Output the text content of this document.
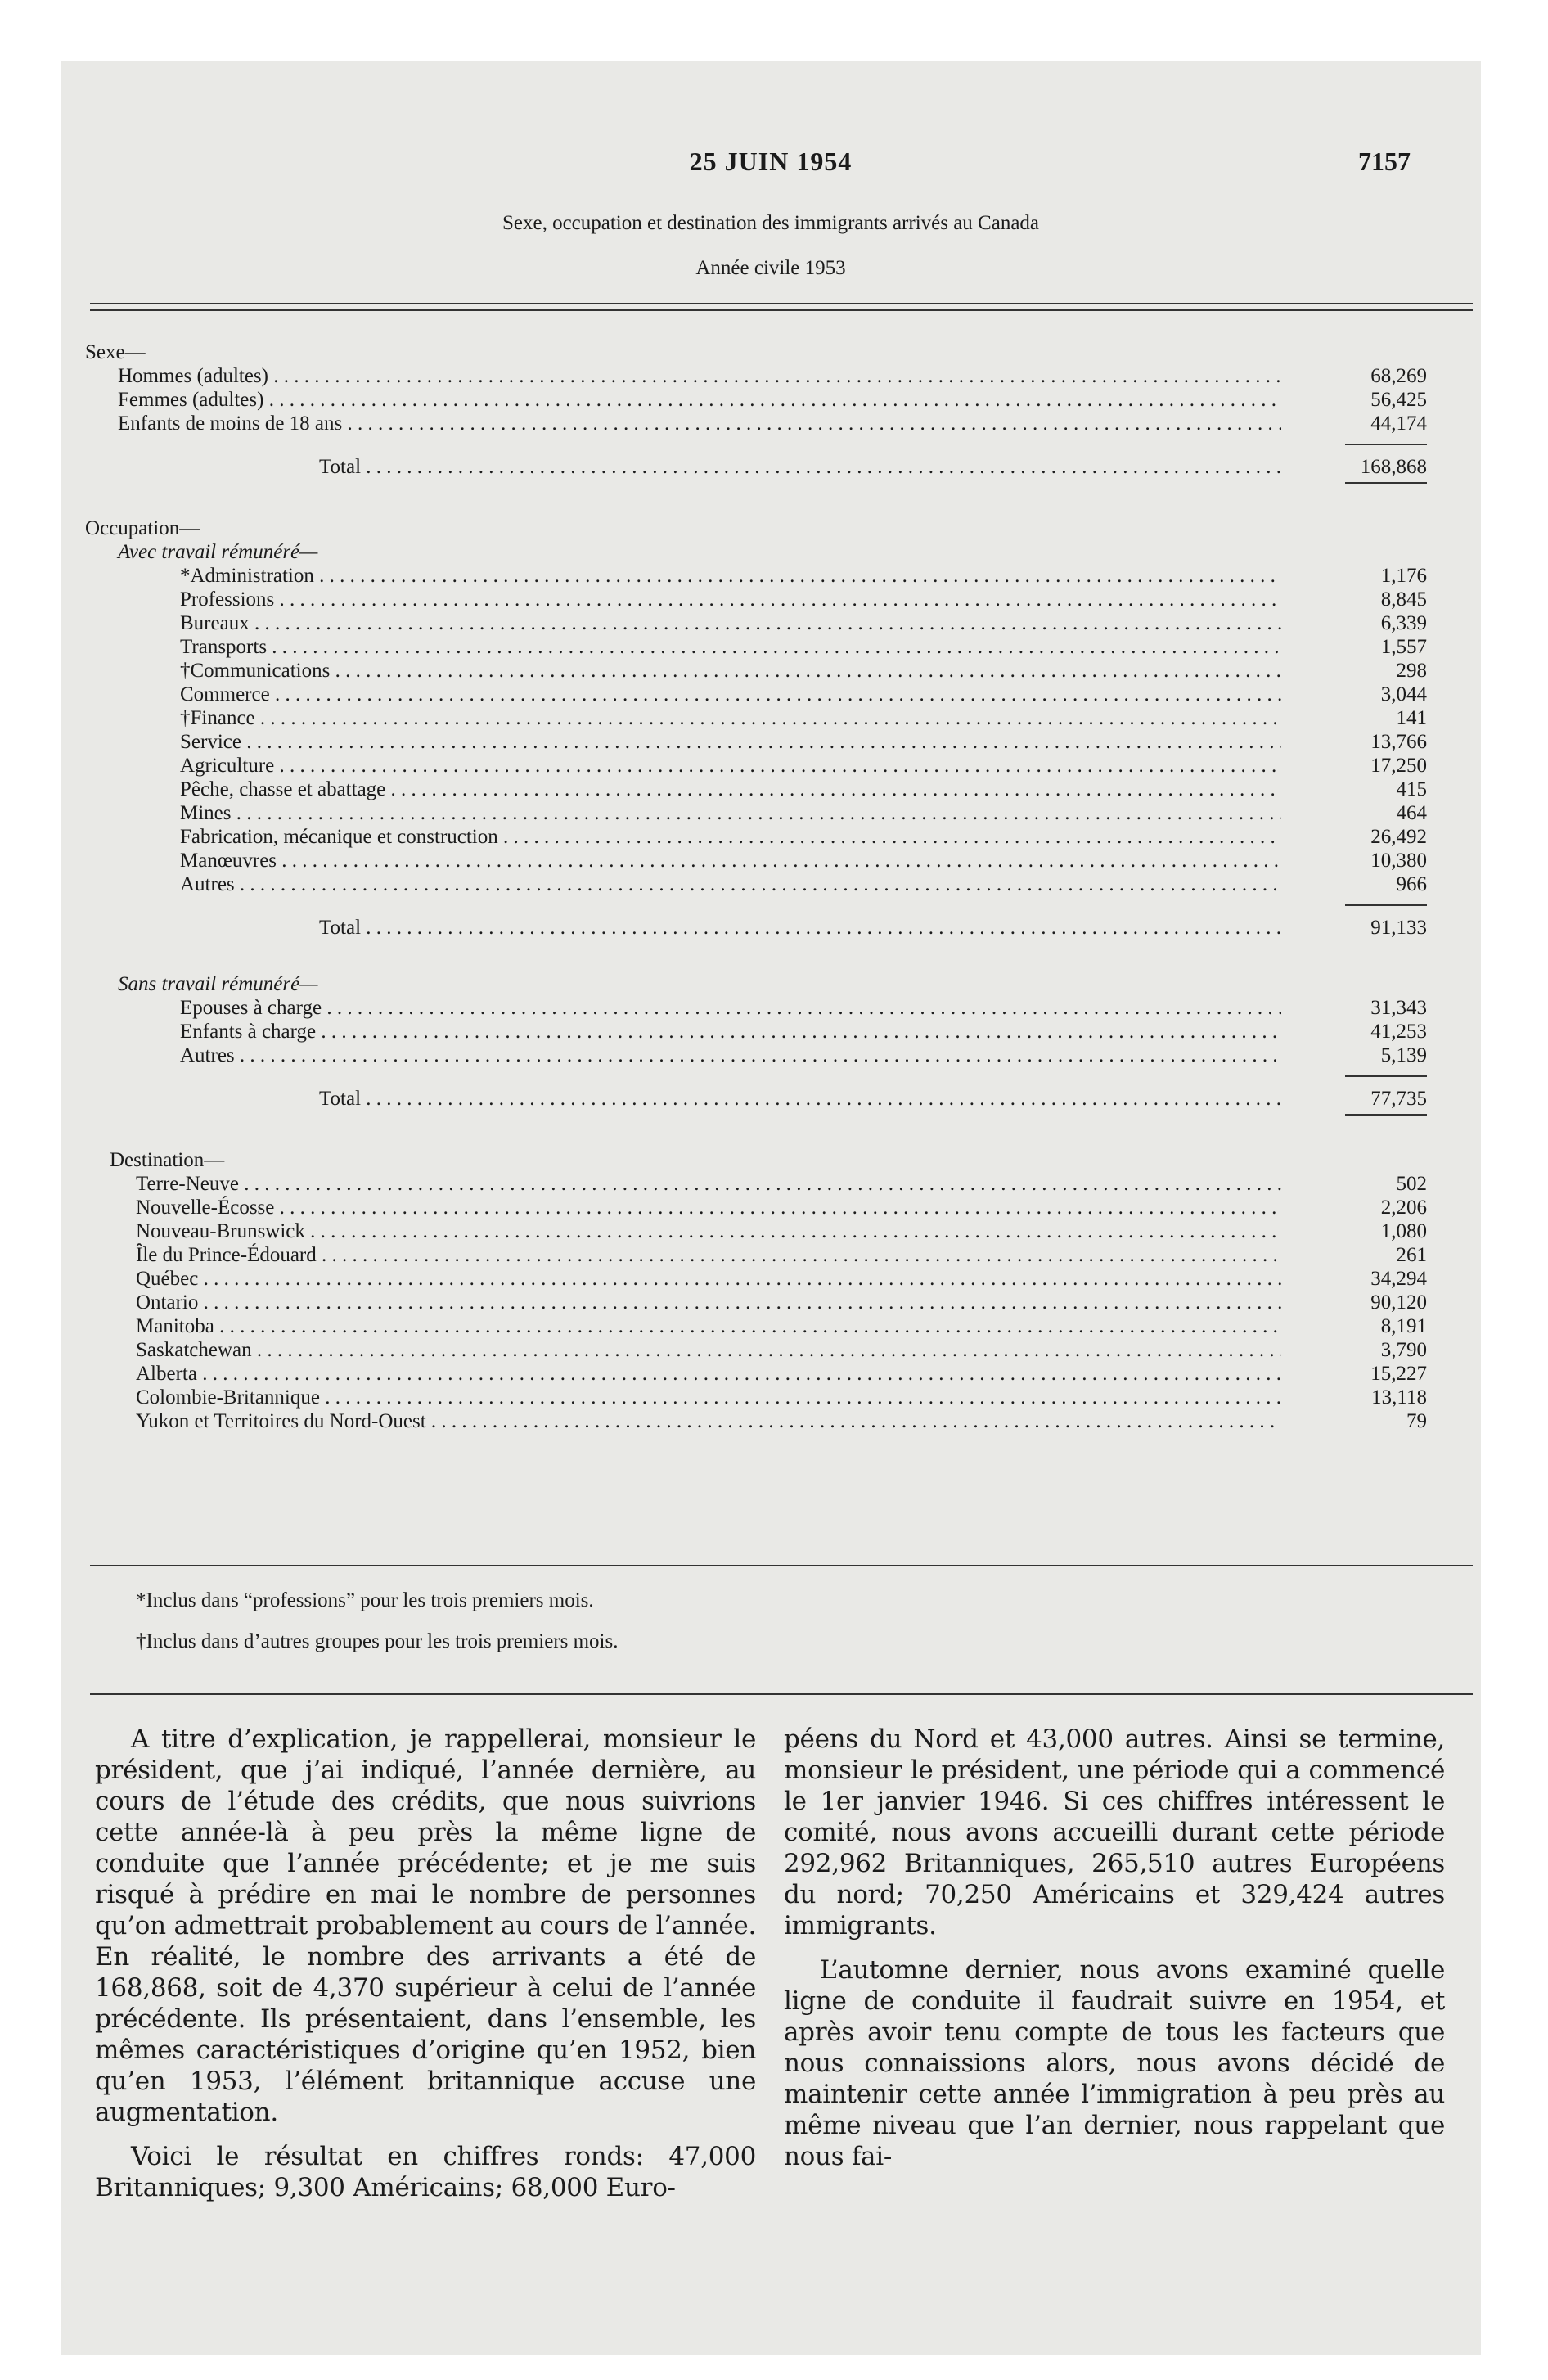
25 JUIN 1954	7157
Sexe, occupation et destination des immigrants arrivés au Canada
Année civile 1953
Sexe—
Hommes (adultes) . . .	68,269
Femmes (adultes) . . .	56,425
Enfants de moins de 18 ans . . .	44,174
Total . . .	168,868
Occupation—
Avec travail rémunéré—
*Administration . . .	1,176
Professions . . .	8,845
Bureaux . . .	6,339
Transports . . .	1,557
†Communications . . .	298
Commerce . . .	3,044
†Finance . . .	141
Service . . .	13,766
Agriculture . . .	17,250
Pêche, chasse et abattage . . .	415
Mines . . .	464
Fabrication, mécanique et construction . . .	26,492
Manœuvres . . .	10,380
Autres . . .	966
Total . . .	91,133
Sans travail rémunéré—
Epouses à charge . . .	31,343
Enfants à charge . . .	41,253
Autres . . .	5,139
Total . . .	77,735
Destination—
Terre-Neuve . . .	502
Nouvelle-Écosse . . .	2,206
Nouveau-Brunswick . . .	1,080
Île du Prince-Édouard . . .	261
Québec . . .	34,294
Ontario . . .	90,120
Manitoba . . .	8,191
Saskatchewan . . .	3,790
Alberta . . .	15,227
Colombie-Britannique . . .	13,118
Yukon et Territoires du Nord-Ouest . . .	79

*Inclus dans “professions” pour les trois premiers mois.

†Inclus dans d’autres groupes pour les trois premiers mois.

A titre d’explication, je rappellerai, monsieur le président, que j’ai indiqué, l’année dernière, au cours de l’étude des crédits, que nous suivrions cette année-là à peu près la même ligne de conduite que l’année précédente; et je me suis risqué à prédire en mai le nombre de personnes qu’on admettrait probablement au cours de l’année. En réalité, le nombre des arrivants a été de 168,868, soit de 4,370 supérieur à celui de l’année précédente. Ils présentaient, dans l’ensemble, les mêmes caractéristiques d’origine qu’en 1952, bien qu’en 1953, l’élément britannique accuse une augmentation.

Voici le résultat en chiffres ronds: 47,000 Britanniques; 9,300 Américains; 68,000 Euro-

péens du Nord et 43,000 autres. Ainsi se termine, monsieur le président, une période qui a commencé le 1er janvier 1946. Si ces chiffres intéressent le comité, nous avons accueilli durant cette période 292,962 Britanniques, 265,510 autres Européens du nord; 70,250 Américains et 329,424 autres immigrants.

L’automne dernier, nous avons examiné quelle ligne de conduite il faudrait suivre en 1954, et après avoir tenu compte de tous les facteurs que nous connaissions alors, nous avons décidé de maintenir cette année l’immigration à peu près au même niveau que l’an dernier, nous rappelant que nous fai-
